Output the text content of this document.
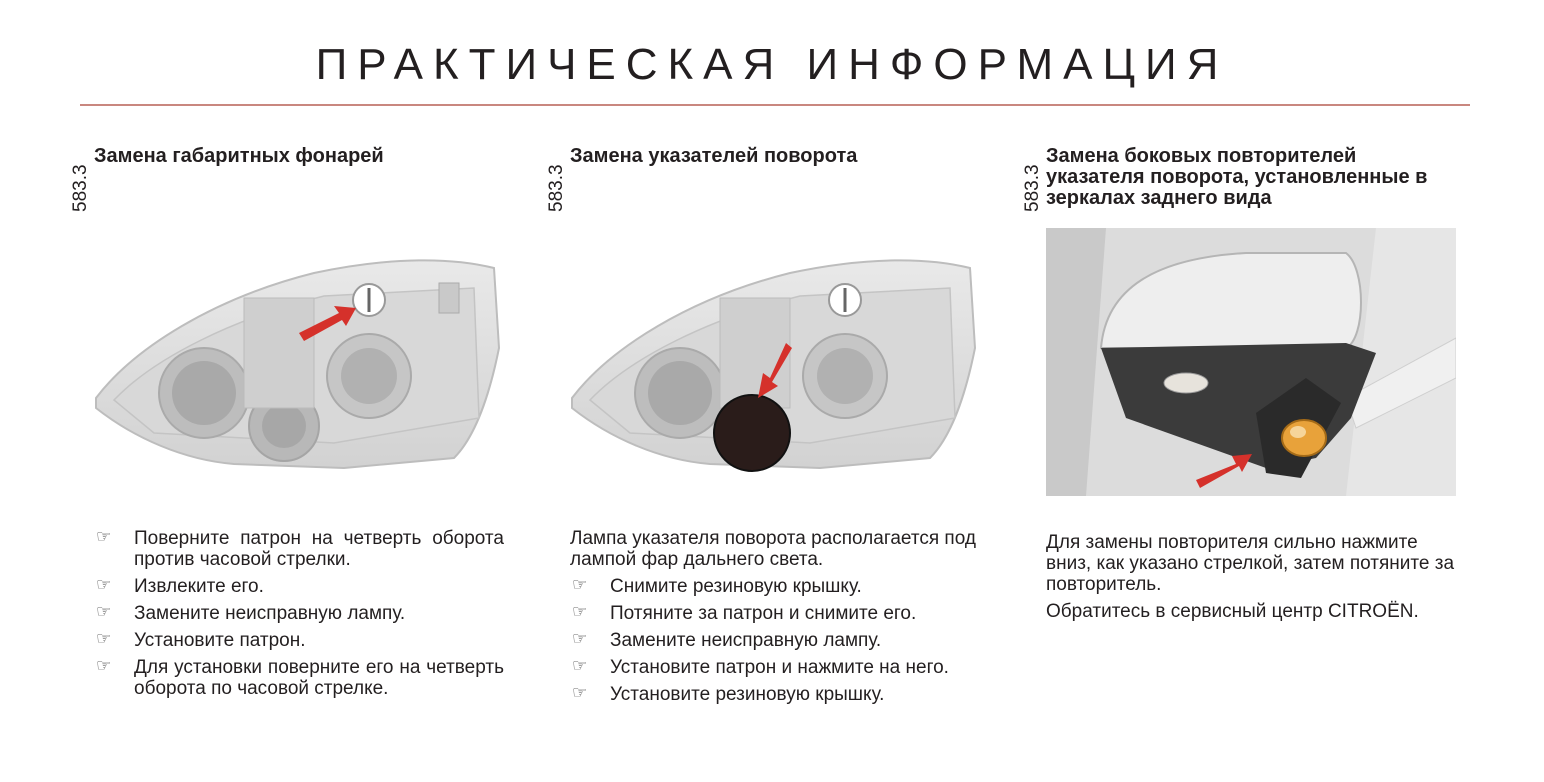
ПРАКТИЧЕСКАЯ ИНФОРМАЦИЯ
583.3
Замена габаритных фонарей
☞ Поверните патрон на четверть оборота против часовой стрелки.
☞ Извлеките его.
☞ Замените неисправную лампу.
☞ Установите патрон.
☞ Для установки поверните его на четверть оборота по часовой стрелке.
583.3
Замена указателей поворота

Лампа указателя поворота располагается под лампой фар дальнего света.

☞ Снимите резиновую крышку.
☞ Потяните за патрон и снимите его.
☞ Замените неисправную лампу.
☞ Установите патрон и нажмите на него.
☞ Установите резиновую крышку.
583.3
Замена боковых повторителей указателя поворота, установленные в зеркалах заднего вида

Для замены повторителя сильно нажмите вниз, как указано стрелкой, затем потяните за повторитель.

Обратитесь в сервисный центр CITROËN.
